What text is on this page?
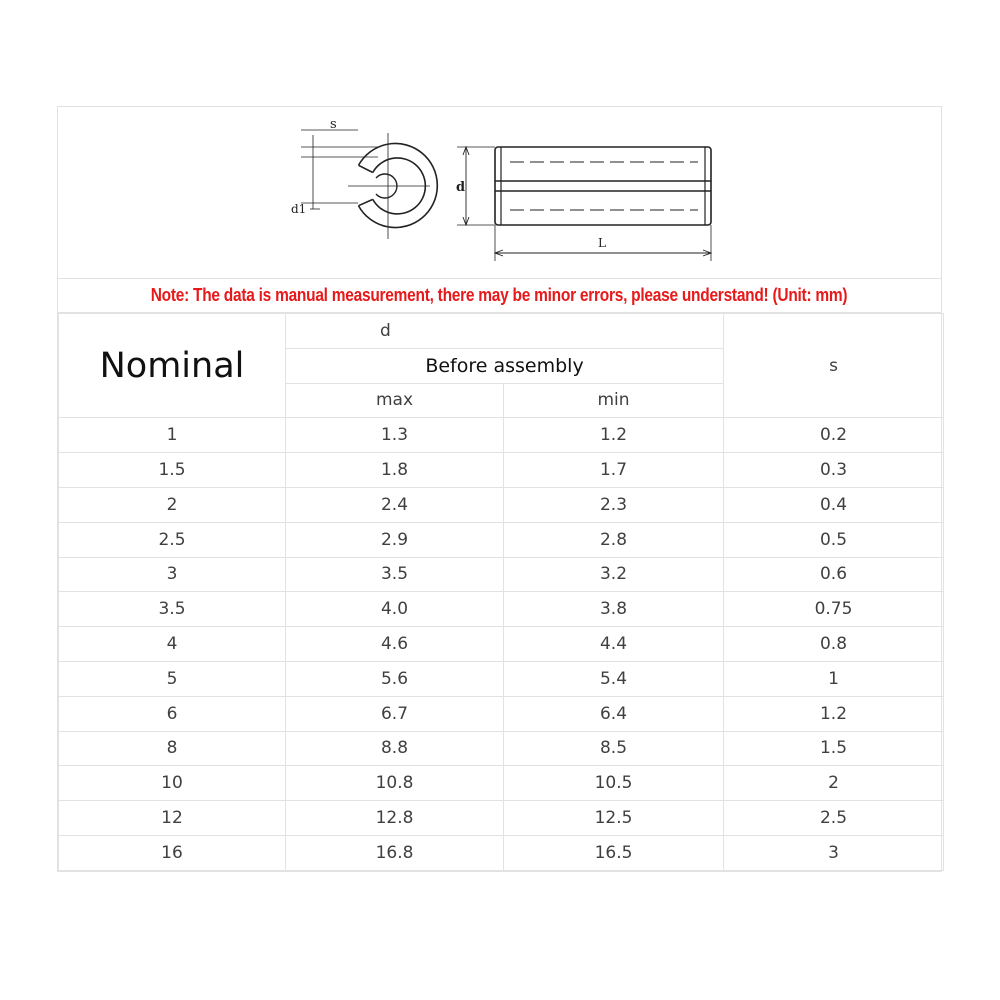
s
d1
d
L
Note: The data is manual measurement, there may be minor errors, please understand! (Unit: mm)
Nominal	d		s
	Before assembly		
	max	min	
1	1.3	1.2	0.2
1.5	1.8	1.7	0.3
2	2.4	2.3	0.4
2.5	2.9	2.8	0.5
3	3.5	3.2	0.6
3.5	4.0	3.8	0.75
4	4.6	4.4	0.8
5	5.6	5.4	1
6	6.7	6.4	1.2
8	8.8	8.5	1.5
10	10.8	10.5	2
12	12.8	12.5	2.5
16	16.8	16.5	3
